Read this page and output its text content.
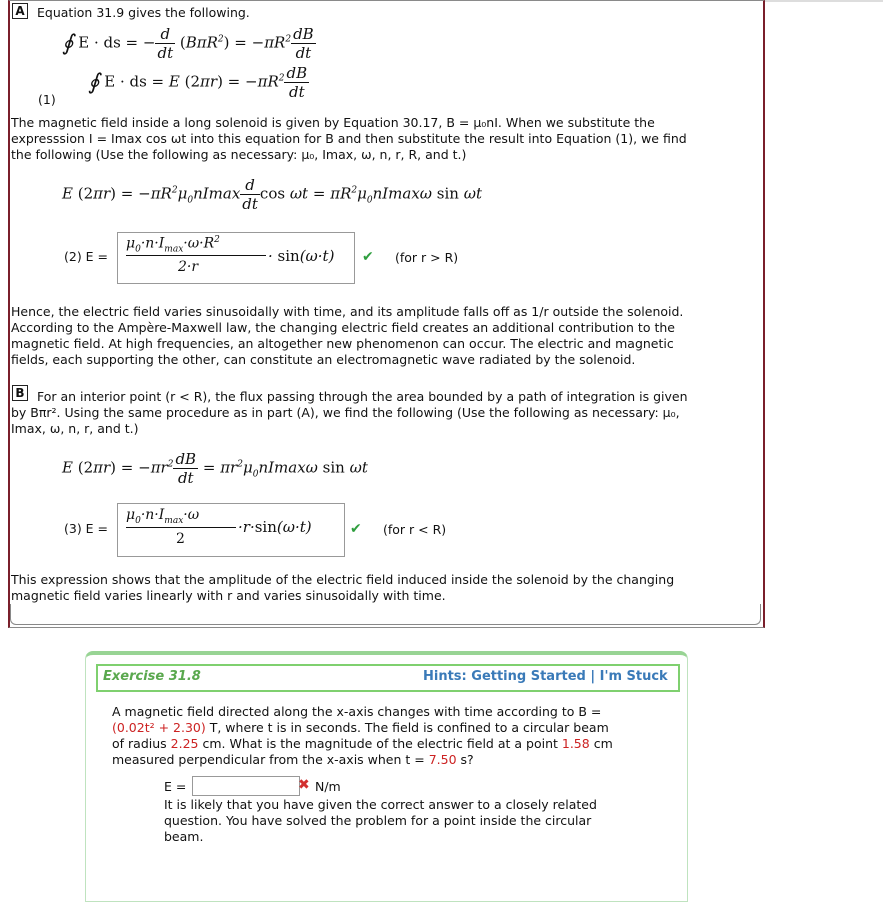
A Equation 31.9 gives the following.
∮ E · ds = − $\frac{d}{dt} (B\pi R^2) = -\pi R^2 \frac{dB}{dt}$
(1)
∮ E · ds = E $(2\pi r) = -\pi R^2 \frac{dB}{dt}$
The magnetic field inside a long solenoid is given by Equation 30.17, B = μ₀nI. When we substitute the
expresssion I = Imax cos ωt into this equation for B and then substitute the result into Equation (1), we find
the following (Use the following as necessary: μ₀, Imax, ω, n, r, R, and t.)
E $(2\pi r) = -\pi R^2\mu_0nImax \frac{d}{dt}$ $\cos \omega t = \pi R^2\mu_0nImax\omega$ sin ωt
(2) E =
$\mu_0\cdot n\cdot I_{max}\cdot\omega\cdot R^2$
2·r
· sin(ω·t) ✔ (for r > R)
Hence, the electric field varies sinusoidally with time, and its amplitude falls off as 1/r outside the solenoid.
According to the Ampère-Maxwell law, the changing electric field creates an additional contribution to the
magnetic field. At high frequencies, an altogether new phenomenon can occur. The electric and magnetic
fields, each supporting the other, can constitute an electromagnetic wave radiated by the solenoid.
B For an interior point (r < R), the flux passing through the area bounded by a path of integration is given
by Bπr². Using the same procedure as in part (A), we find the following (Use the following as necessary: μ₀,
Imax, ω, n, r, and t.)
E $(2\pi r) = -\pi r^2 \frac{dB}{dt} = \pi r^2\mu_0nImax\omega$ sin ωt
(3) E =
$\mu_0\cdot n\cdot I_{max}\cdot\omega$
2
·r·sin(ω·t)	✔ (for r < R)
This expression shows that the amplitude of the electric field induced inside the solenoid by the changing
magnetic field varies linearly with r and varies sinusoidally with time.
Exercise 31.8	Hints: Getting Started | I'm Stuck
A magnetic field directed along the x-axis changes with time according to B =
(0.02t² + 2.30) T, where t is in seconds. The field is confined to a circular beam
of radius 2.25 cm. What is the magnitude of the electric field at a point 1.58 cm
measured perpendicular from the x-axis when t = 7.50 s?
E =	✖ N/m
It is likely that you have given the correct answer to a closely related
question. You have solved the problem for a point inside the circular
beam.
